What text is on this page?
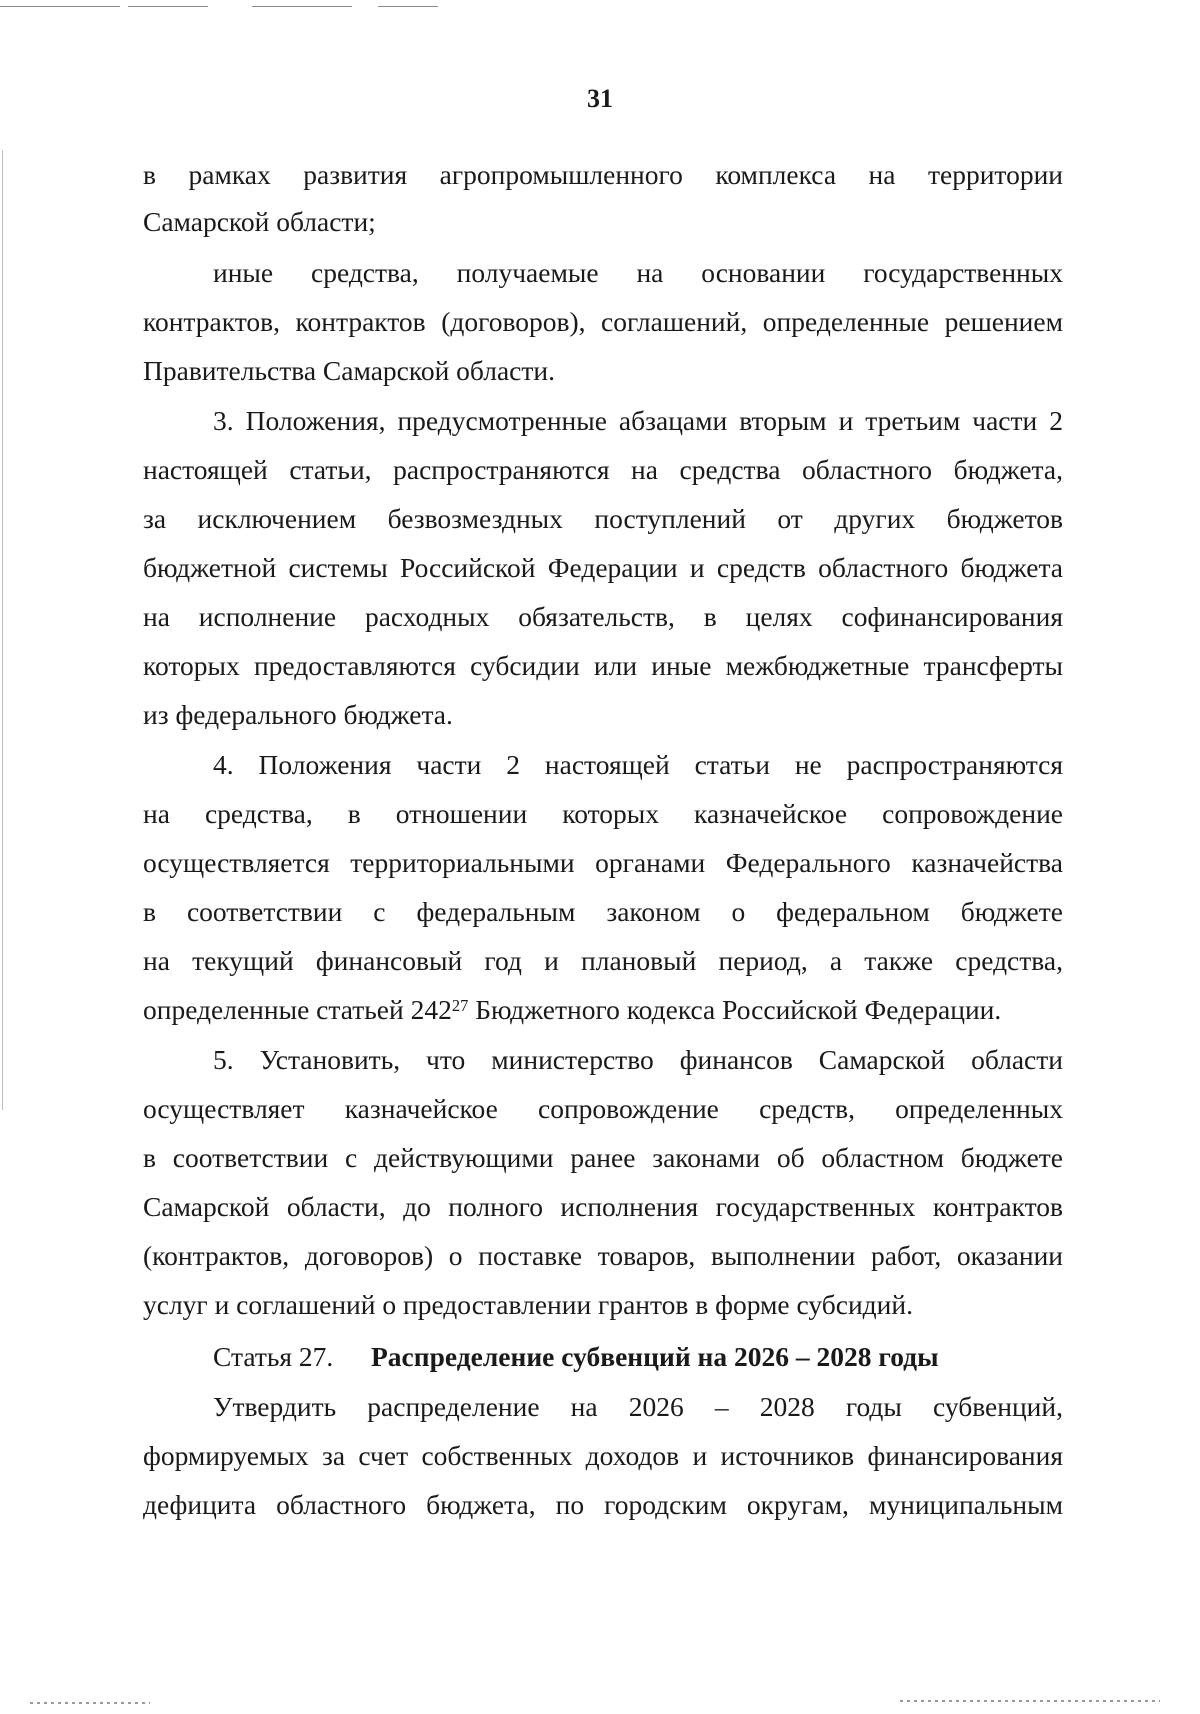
31
в рамках развития агропромышленного комплекса на территории
Самарской области;
иные средства, получаемые на основании государственных
контрактов, контрактов (договоров), соглашений, определенные решением
Правительства Самарской области.
3. Положения, предусмотренные абзацами вторым и третьим части 2
настоящей статьи, распространяются на средства областного бюджета,
за исключением безвозмездных поступлений от других бюджетов
бюджетной системы Российской Федерации и средств областного бюджета
на исполнение расходных обязательств, в целях софинансирования
которых предоставляются субсидии или иные межбюджетные трансферты
из федерального бюджета.
4. Положения части 2 настоящей статьи не распространяются
на средства, в отношении которых казначейское сопровождение
осуществляется территориальными органами Федерального казначейства
в соответствии с федеральным законом о федеральном бюджете
на текущий финансовый год и плановый период, а также средства,
определенные статьей $242^{27}$ Бюджетного кодекса Российской Федерации.
5. Установить, что министерство финансов Самарской области
осуществляет казначейское сопровождение средств, определенных
в соответствии с действующими ранее законами об областном бюджете
Самарской области, до полного исполнения государственных контрактов
(контрактов, договоров) о поставке товаров, выполнении работ, оказании
услуг и соглашений о предоставлении грантов в форме субсидий.
Статья 27. Распределение субвенций на 2026 – 2028 годы
Утвердить распределение на 2026 – 2028 годы субвенций,
формируемых за счет собственных доходов и источников финансирования
дефицита областного бюджета, по городским округам, муниципальным
